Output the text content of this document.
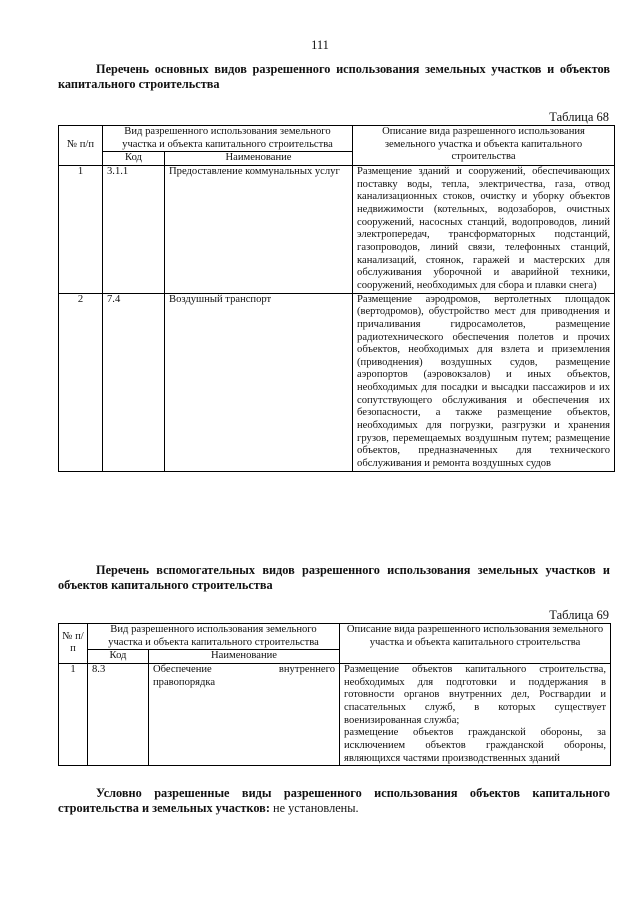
111
Перечень основных видов разрешенного использования земельных участков и объектов капитального строительства
Таблица 68
№ п/п	Вид разрешенного использования земельного участка и объекта капитального строительства		Описание вида разрешенного использования земельного участка и объекта капитального строительства
	Код	Наименование	
1	3.1.1	Предоставление коммунальных услуг	Размещение зданий и сооружений, обеспечивающих поставку воды, тепла, электричества, газа, отвод канализационных стоков, очистку и уборку объектов недвижимости (котельных, водозаборов, очистных сооружений, насосных станций, водопроводов, линий электропередач, трансформаторных подстанций, газопроводов, линий связи, телефонных станций, канализаций, стоянок, гаражей и мастерских для обслуживания уборочной и аварийной техники, сооружений, необходимых для сбора и плавки снега)
2	7.4	Воздушный транспорт	Размещение аэродромов, вертолетных площадок (вертодромов), обустройство мест для приводнения и причаливания гидросамолетов, размещение радиотехнического обеспечения полетов и прочих объектов, необходимых для взлета и приземления (приводнения) воздушных судов, размещение аэропортов (аэровокзалов) и иных объектов, необходимых для посадки и высадки пассажиров и их сопутствующего обслуживания и обеспечения их безопасности, а также размещение объектов, необходимых для погрузки, разгрузки и хранения грузов, перемещаемых воздушным путем; размещение объектов, предназначенных для технического обслуживания и ремонта воздушных судов
Перечень вспомогательных видов разрешенного использования земельных участков и объектов капитального строительства
Таблица 69
№ п/п	Вид разрешенного использования земельного участка и объекта капитального строительства		Описание вида разрешенного использования земельного участка и объекта капитального строительства
	Код	Наименование	
1	8.3	Обеспечение внутреннего правопорядка	Размещение объектов капитального строительства, необходимых для подготовки и поддержания в готовности органов внутренних дел, Росгвардии и спасательных служб, в которых существует военизированная служба;
размещение объектов гражданской обороны, за исключением объектов гражданской обороны, являющихся частями производственных зданий
Условно разрешенные виды разрешенного использования объектов капитального строительства и земельных участков: не установлены.
